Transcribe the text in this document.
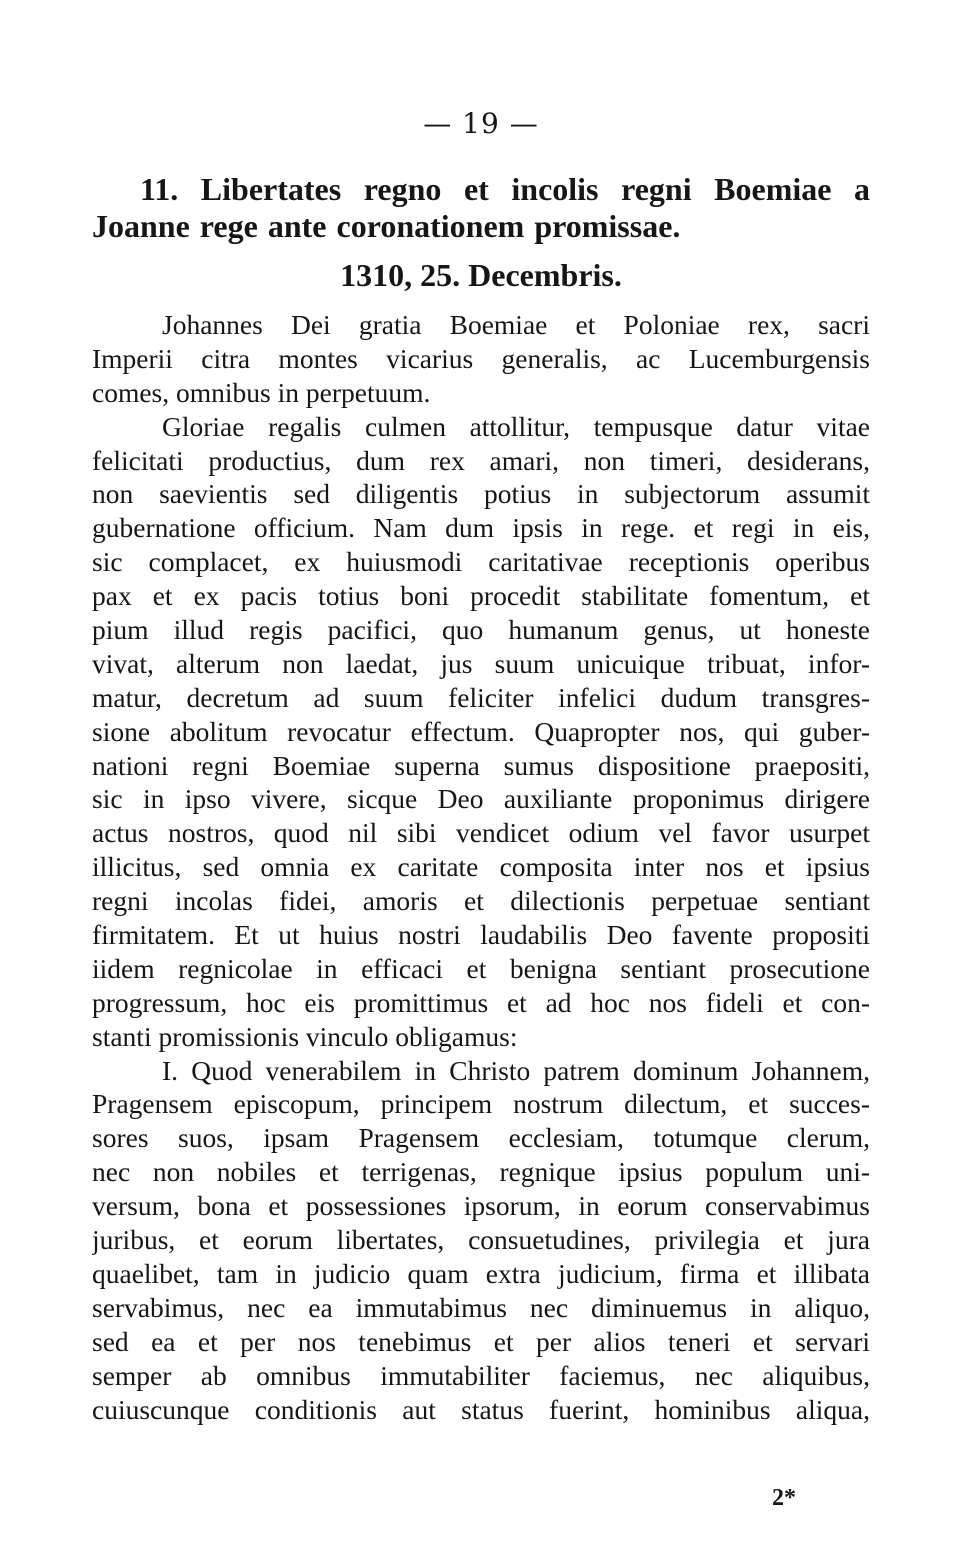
— 19 —
11. Libertates regno et incolis regni Boemiae a
Joanne rege ante coronationem promissae.
1310, 25. Decembris.
Johannes Dei gratia Boemiae et Poloniae rex, sacri
Imperii citra montes vicarius generalis, ac Lucemburgensis
comes, omnibus in perpetuum.
Gloriae regalis culmen attollitur, tempusque datur vitae
felicitati productius, dum rex amari, non timeri, desiderans,
non saevientis sed diligentis potius in subjectorum assumit
gubernatione officium. Nam dum ipsis in rege. et regi in eis,
sic complacet, ex huiusmodi caritativae receptionis operibus
pax et ex pacis totius boni procedit stabilitate fomentum, et
pium illud regis pacifici, quo humanum genus, ut honeste
vivat, alterum non laedat, jus suum unicuique tribuat, infor-
matur, decretum ad suum feliciter infelici dudum transgres-
sione abolitum revocatur effectum. Quapropter nos, qui guber-
nationi regni Boemiae superna sumus dispositione praepositi,
sic in ipso vivere, sicque Deo auxiliante proponimus dirigere
actus nostros, quod nil sibi vendicet odium vel favor usurpet
illicitus, sed omnia ex caritate composita inter nos et ipsius
regni incolas fidei, amoris et dilectionis perpetuae sentiant
firmitatem. Et ut huius nostri laudabilis Deo favente propositi
iidem regnicolae in efficaci et benigna sentiant prosecutione
progressum, hoc eis promittimus et ad hoc nos fideli et con-
stanti promissionis vinculo obligamus:
I. Quod venerabilem in Christo patrem dominum Johannem,
Pragensem episcopum, principem nostrum dilectum, et succes-
sores suos, ipsam Pragensem ecclesiam, totumque clerum,
nec non nobiles et terrigenas, regnique ipsius populum uni-
versum, bona et possessiones ipsorum, in eorum conservabimus
juribus, et eorum libertates, consuetudines, privilegia et jura
quaelibet, tam in judicio quam extra judicium, firma et illibata
servabimus, nec ea immutabimus nec diminuemus in aliquo,
sed ea et per nos tenebimus et per alios teneri et servari
semper ab omnibus immutabiliter faciemus, nec aliquibus,
cuiuscunque conditionis aut status fuerint, hominibus aliqua,
2*
